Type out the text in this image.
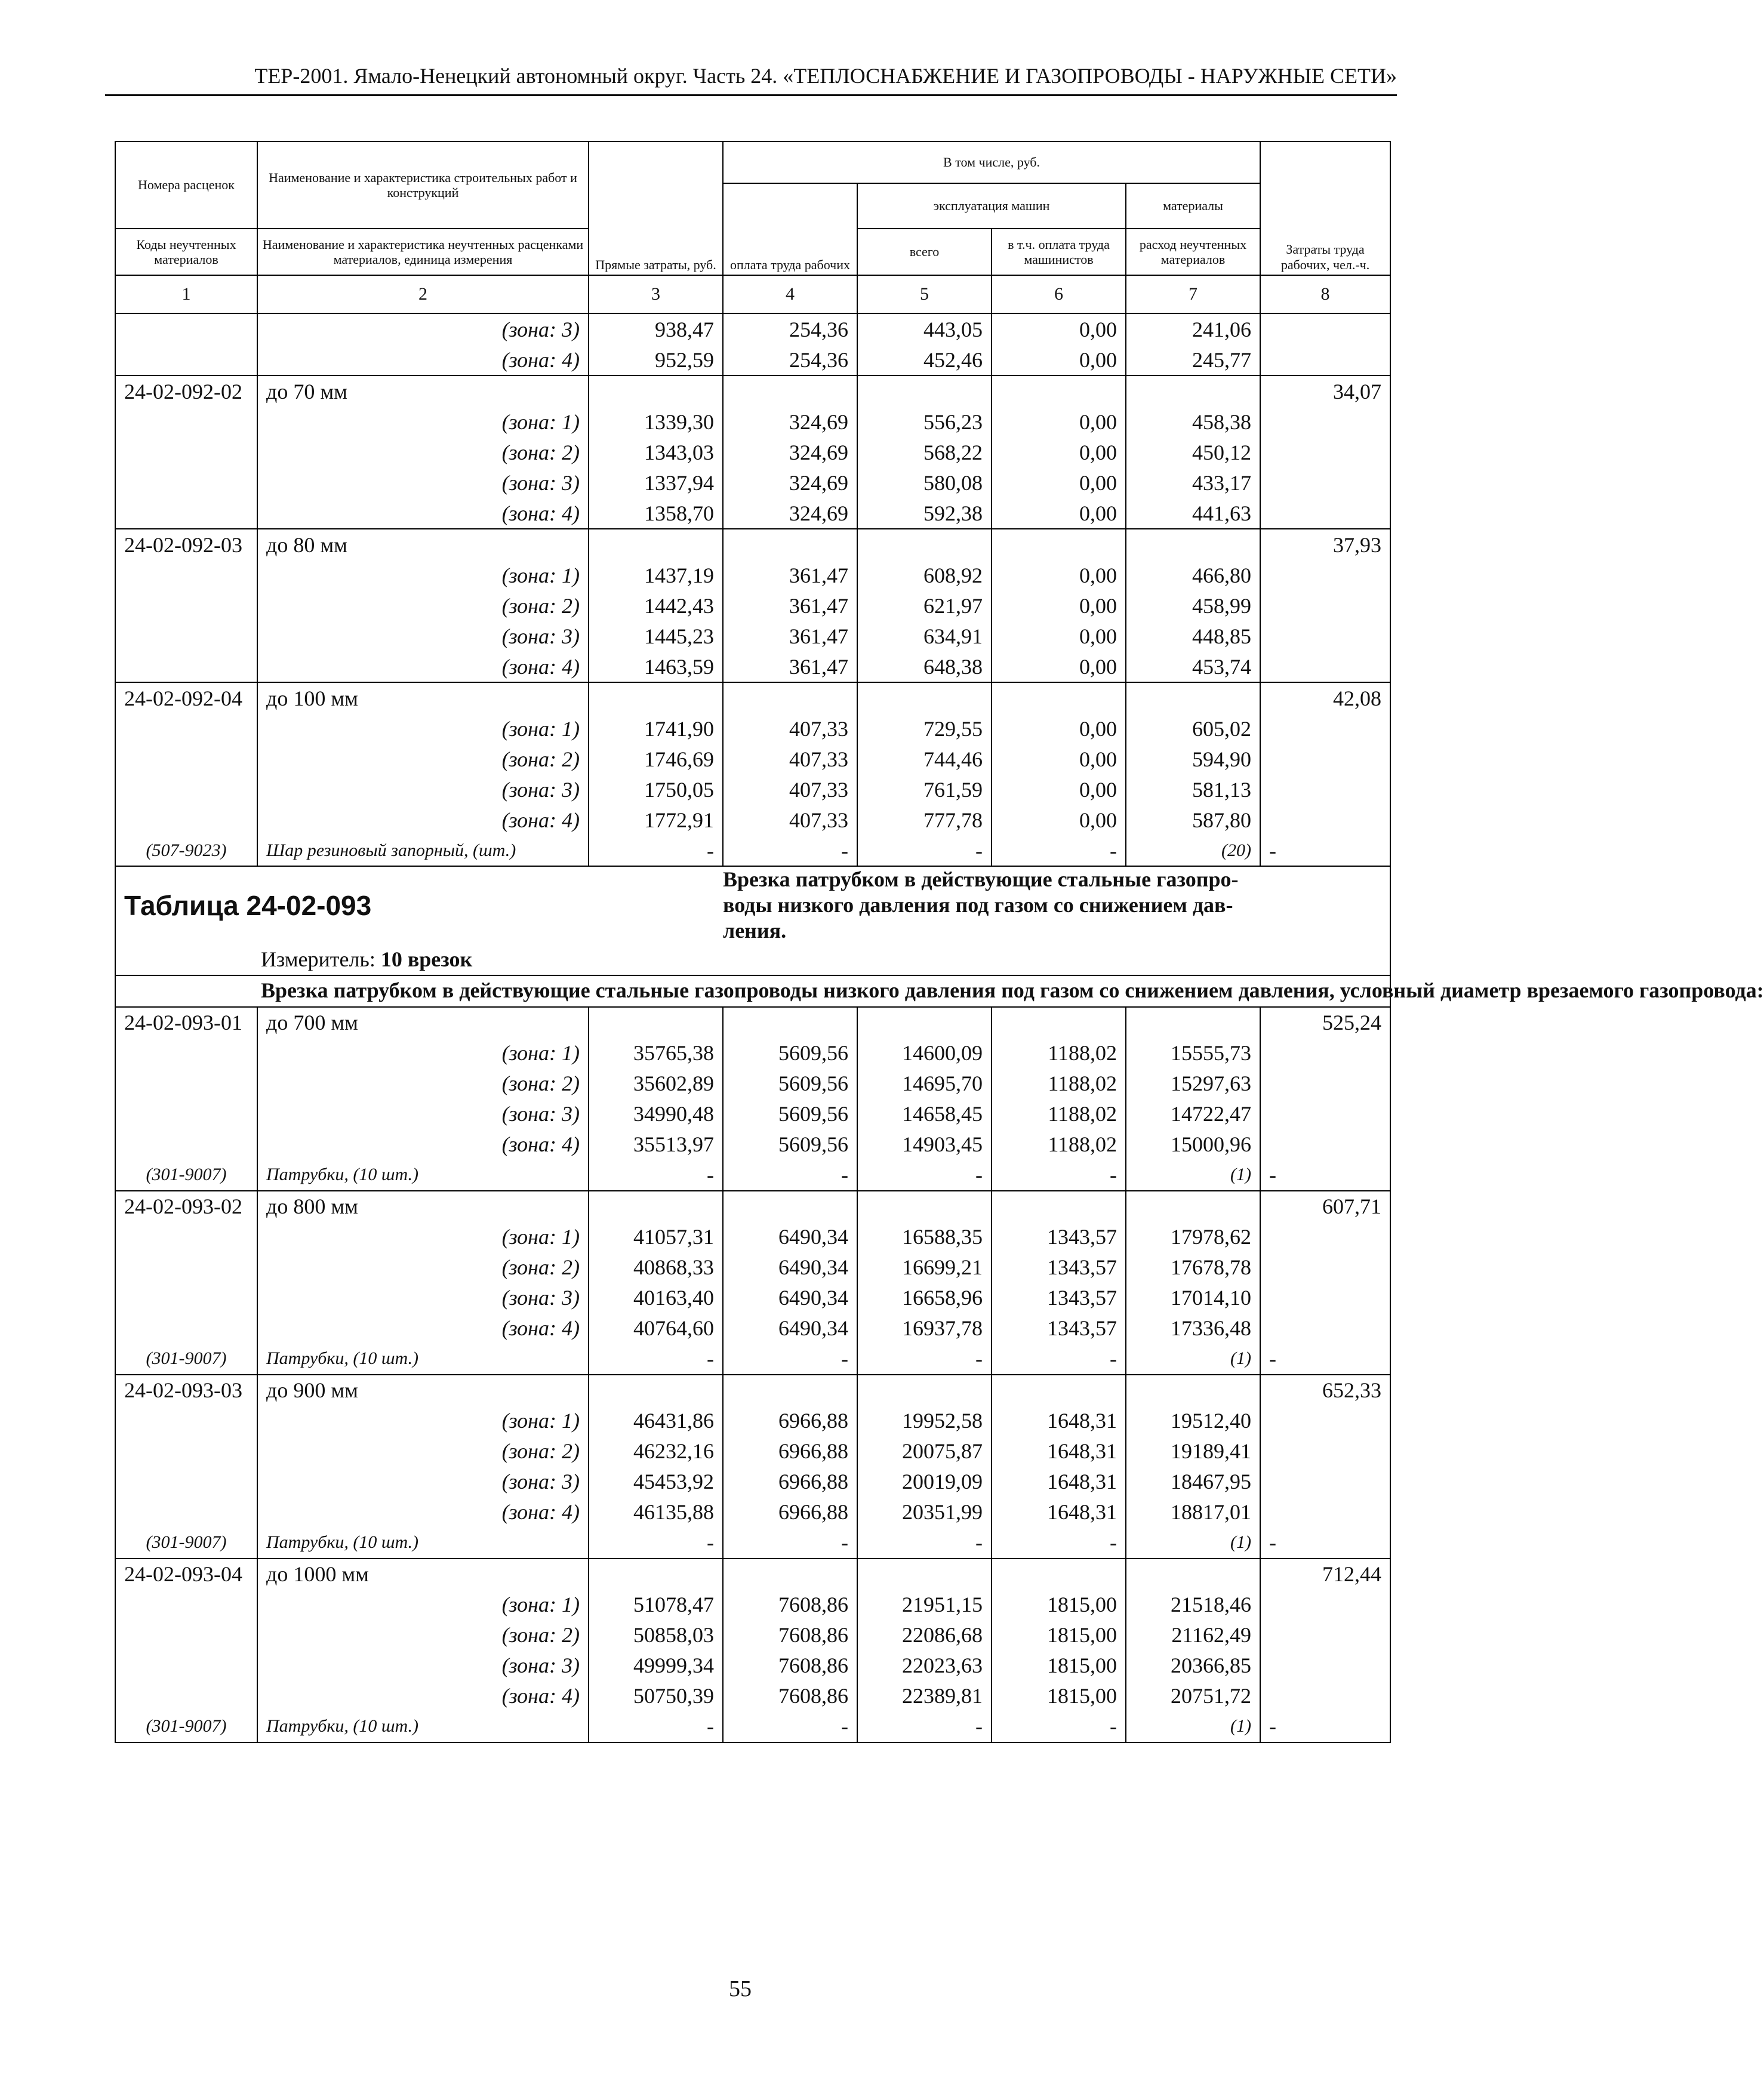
ТЕР-2001. Ямало-Ненецкий автономный округ. Часть 24. «ТЕПЛОСНАБЖЕНИЕ И ГАЗОПРОВОДЫ - НАРУЖНЫЕ СЕТИ»
Номера расценок	Наименование и характеристика строительных работ и конструкций	Прямые затраты, руб.	В том числе, руб.				Затраты труда рабочих, чел.-ч.
			оплата труда рабочих	эксплуатация машин		материалы	
Коды неучтенных материалов	Наименование и характеристика неучтенных расценками материалов, единица измерения			всего	в т.ч. оплата труда машинистов	расход неучтенных материалов	
1	2	3	4	5	6	7	8
	(зона: 3)	938,47	254,36	443,05	0,00	241,06	
	(зона: 4)	952,59	254,36	452,46	0,00	245,77	
24-02-092-02	до 70 мм						34,07
	(зона: 1)	1339,30	324,69	556,23	0,00	458,38	
	(зона: 2)	1343,03	324,69	568,22	0,00	450,12	
	(зона: 3)	1337,94	324,69	580,08	0,00	433,17	
	(зона: 4)	1358,70	324,69	592,38	0,00	441,63	
24-02-092-03	до 80 мм						37,93
	(зона: 1)	1437,19	361,47	608,92	0,00	466,80	
	(зона: 2)	1442,43	361,47	621,97	0,00	458,99	
	(зона: 3)	1445,23	361,47	634,91	0,00	448,85	
	(зона: 4)	1463,59	361,47	648,38	0,00	453,74	
24-02-092-04	до 100 мм						42,08
	(зона: 1)	1741,90	407,33	729,55	0,00	605,02	
	(зона: 2)	1746,69	407,33	744,46	0,00	594,90	
	(зона: 3)	1750,05	407,33	761,59	0,00	581,13	
	(зона: 4)	1772,91	407,33	777,78	0,00	587,80	
(507-9023)	Шар резиновый запорный, (шт.)	-	-	-	-	(20)	-
Таблица 24-02-093			Врезка патрубком в действующие стальные газопро-
воды низкого давления под газом со снижением дав-
ления.				

	Измеритель: 10 врезок						
	Врезка патрубком в действующие стальные газопроводы низкого давления под газом со снижением давления, условный диаметр врезаемого газопровода:						
24-02-093-01	до 700 мм						525,24
	(зона: 1)	35765,38	5609,56	14600,09	1188,02	15555,73	
	(зона: 2)	35602,89	5609,56	14695,70	1188,02	15297,63	
	(зона: 3)	34990,48	5609,56	14658,45	1188,02	14722,47	
	(зона: 4)	35513,97	5609,56	14903,45	1188,02	15000,96	
(301-9007)	Патрубки, (10 шт.)	-	-	-	-	(1)	-
24-02-093-02	до 800 мм						607,71
	(зона: 1)	41057,31	6490,34	16588,35	1343,57	17978,62	
	(зона: 2)	40868,33	6490,34	16699,21	1343,57	17678,78	
	(зона: 3)	40163,40	6490,34	16658,96	1343,57	17014,10	
	(зона: 4)	40764,60	6490,34	16937,78	1343,57	17336,48	
(301-9007)	Патрубки, (10 шт.)	-	-	-	-	(1)	-
24-02-093-03	до 900 мм						652,33
	(зона: 1)	46431,86	6966,88	19952,58	1648,31	19512,40	
	(зона: 2)	46232,16	6966,88	20075,87	1648,31	19189,41	
	(зона: 3)	45453,92	6966,88	20019,09	1648,31	18467,95	
	(зона: 4)	46135,88	6966,88	20351,99	1648,31	18817,01	
(301-9007)	Патрубки, (10 шт.)	-	-	-	-	(1)	-
24-02-093-04	до 1000 мм						712,44
	(зона: 1)	51078,47	7608,86	21951,15	1815,00	21518,46	
	(зона: 2)	50858,03	7608,86	22086,68	1815,00	21162,49	
	(зона: 3)	49999,34	7608,86	22023,63	1815,00	20366,85	
	(зона: 4)	50750,39	7608,86	22389,81	1815,00	20751,72	
(301-9007)	Патрубки, (10 шт.)	-	-	-	-	(1)	-
55
